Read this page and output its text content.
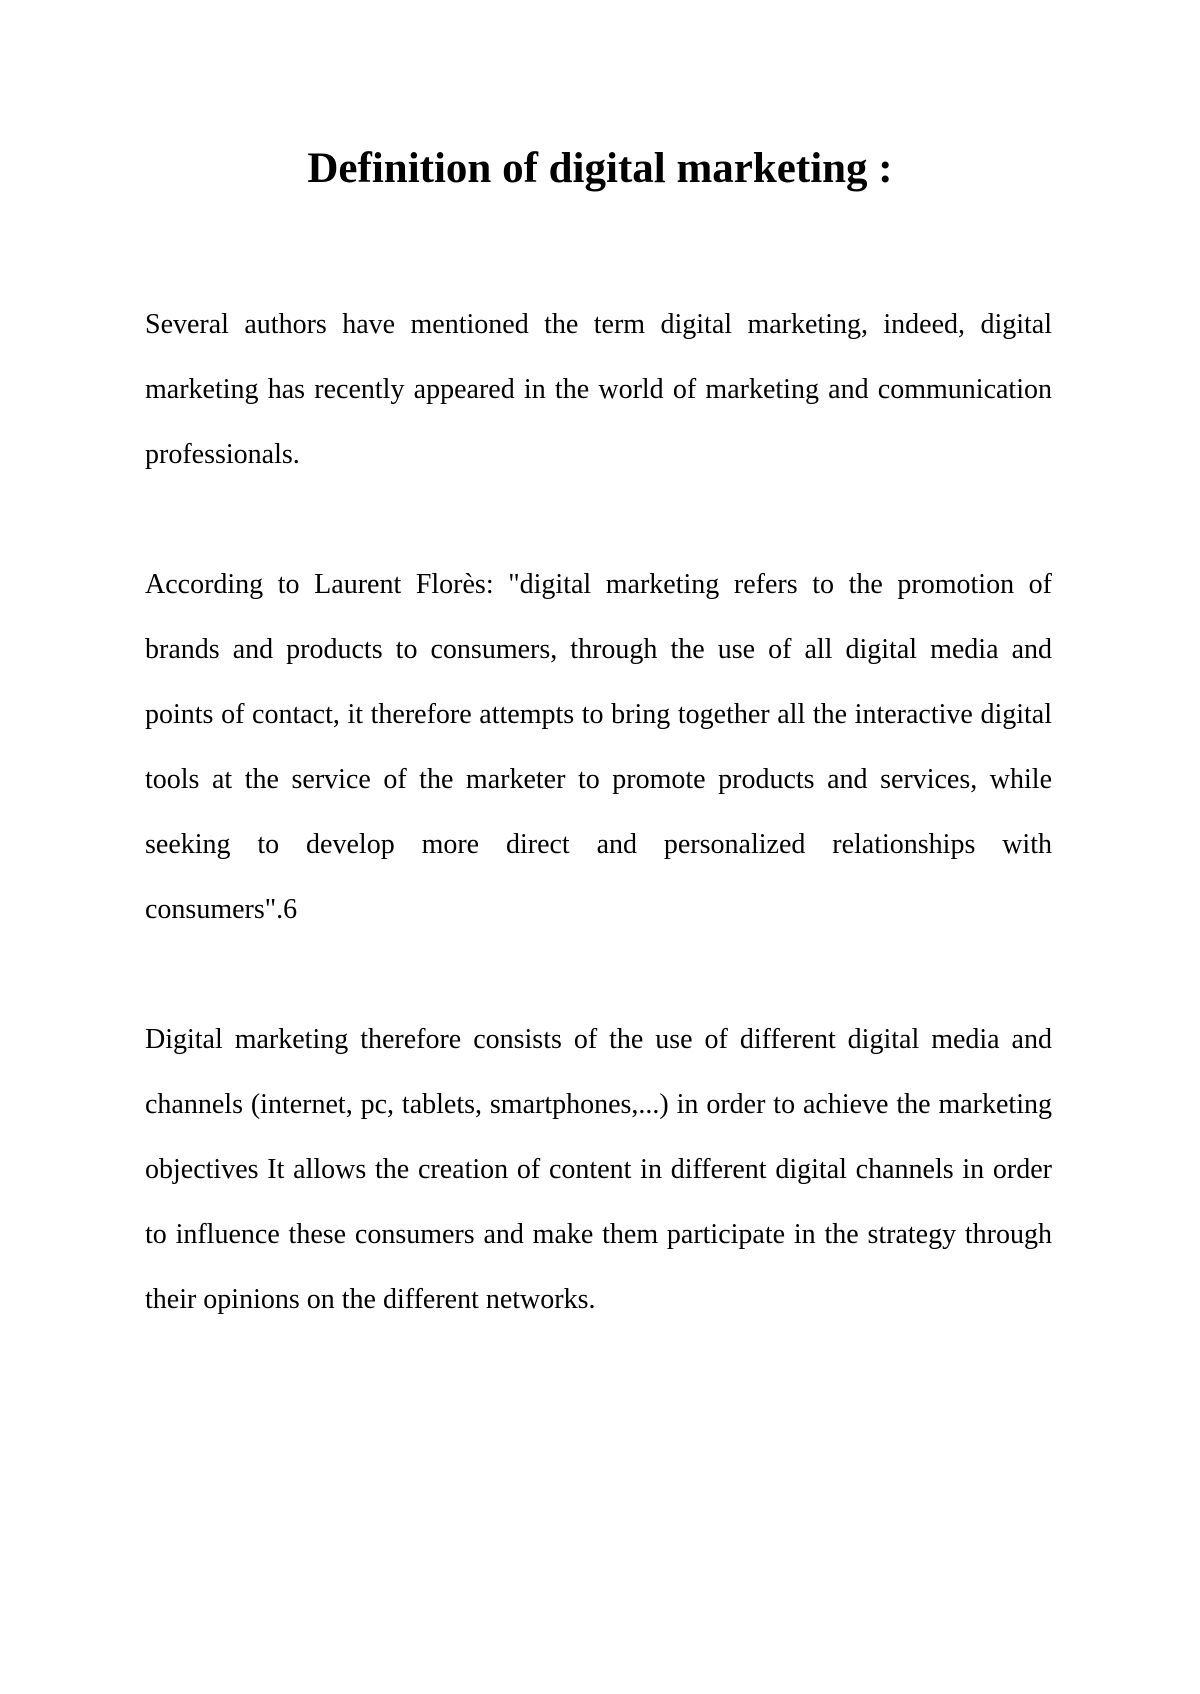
Definition of digital marketing :

Several authors have mentioned the term digital marketing, indeed, digital
marketing has recently appeared in the world of marketing and communication
professionals.

According to Laurent Florès: "digital marketing refers to the promotion of
brands and products to consumers, through the use of all digital media and
points of contact, it therefore attempts to bring together all the interactive digital
tools at the service of the marketer to promote products and services, while
seeking to develop more direct and personalized relationships with
consumers".6

Digital marketing therefore consists of the use of different digital media and
channels (internet, pc, tablets, smartphones,...) in order to achieve the marketing
objectives It allows the creation of content in different digital channels in order
to influence these consumers and make them participate in the strategy through
their opinions on the different networks.
